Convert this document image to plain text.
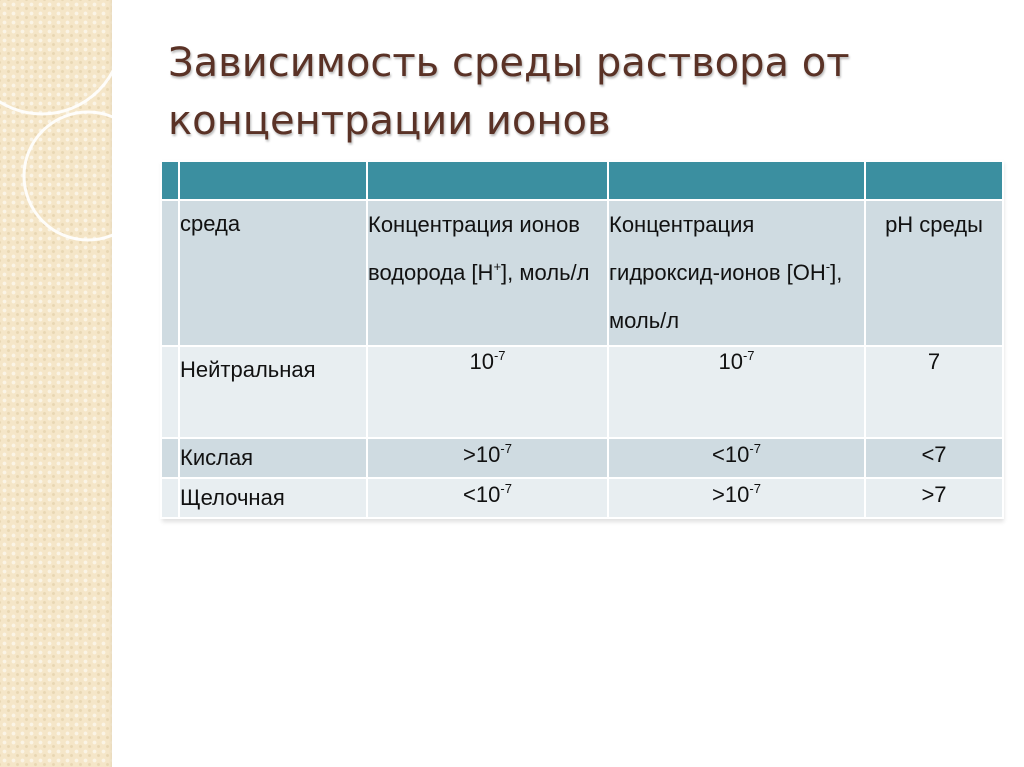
Зависимость среды раствора от концентрации ионов

	среда	Концентрация ионов водорода [Н+], моль/л	Концентрация гидроксид-ионов [ОН-], моль/л	рН среды
	Нейтральная	$10^{-7}$	$10^{-7}$	7
	Кислая	$>10^{-7}$	$<10^{-7}$	<7
	Щелочная	$<10^{-7}$	$>10^{-7}$	>7
